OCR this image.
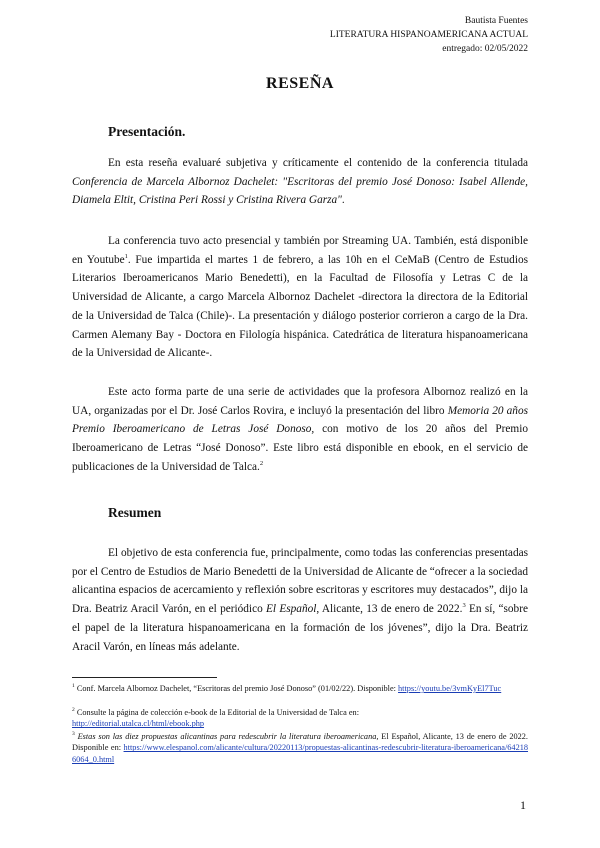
Bautista Fuentes
LITERATURA HISPANOAMERICANA ACTUAL
entregado: 02/05/2022
RESEÑA
Presentación.

En esta reseña evaluaré subjetiva y críticamente el contenido de la conferencia titulada Conferencia de Marcela Albornoz Dachelet: "Escritoras del premio José Donoso: Isabel Allende, Diamela Eltit, Cristina Peri Rossi y Cristina Rivera Garza".

La conferencia tuvo acto presencial y también por Streaming UA. También, está disponible en Youtube$^1$. Fue impartida el martes 1 de febrero, a las 10h en el CeMaB (Centro de Estudios Literarios Iberoamericanos Mario Benedetti), en la Facultad de Filosofía y Letras C de la Universidad de Alicante, a cargo Marcela Albornoz Dachelet -directora la directora de la Editorial de la Universidad de Talca (Chile)-. La presentación y diálogo posterior corrieron a cargo de la Dra. Carmen Alemany Bay - Doctora en Filología hispánica. Catedrática de literatura hispanoamericana de la Universidad de Alicante-.

Este acto forma parte de una serie de actividades que la profesora Albornoz realizó en la UA, organizadas por el Dr. José Carlos Rovira, e incluyó la presentación del libro Memoria 20 años Premio Iberoamericano de Letras José Donoso, con motivo de los 20 años del Premio Iberoamericano de Letras “José Donoso”. Este libro está disponible en ebook, en el servicio de publicaciones de la Universidad de Talca.$^2$

Resumen

El objetivo de esta conferencia fue, principalmente, como todas las conferencias presentadas por el Centro de Estudios de Mario Benedetti de la Universidad de Alicante de “ofrecer a la sociedad alicantina espacios de acercamiento y reflexión sobre escritoras y escritores muy destacados”, dijo la Dra. Beatriz Aracil Varón, en el periódico El Español, Alicante, 13 de enero de 2022.$^3$ En sí, “sobre el papel de la literatura hispanoamericana en la formación de los jóvenes”, dijo la Dra. Beatriz Aracil Varón, en líneas más adelante.

$^1$ Conf. Marcela Albornoz Dachelet, “Escritoras del premio José Donoso” (01/02/22). Disponible: https://youtu.be/3vmKyEl7Tuc

$^2$ Consulte la página de colección e-book de la Editorial de la Universidad de Talca en:
http://editorial.utalca.cl/html/ebook.php

$^3$ Estas son las diez propuestas alicantinas para redescubrir la literatura iberoamericana, El Español, Alicante, 13 de enero de 2022. Disponible en: https://www.elespanol.com/alicante/cultura/20220113/propuestas-alicantinas-redescubrir-literatura-iberoamericana/642186064_0.html

1
